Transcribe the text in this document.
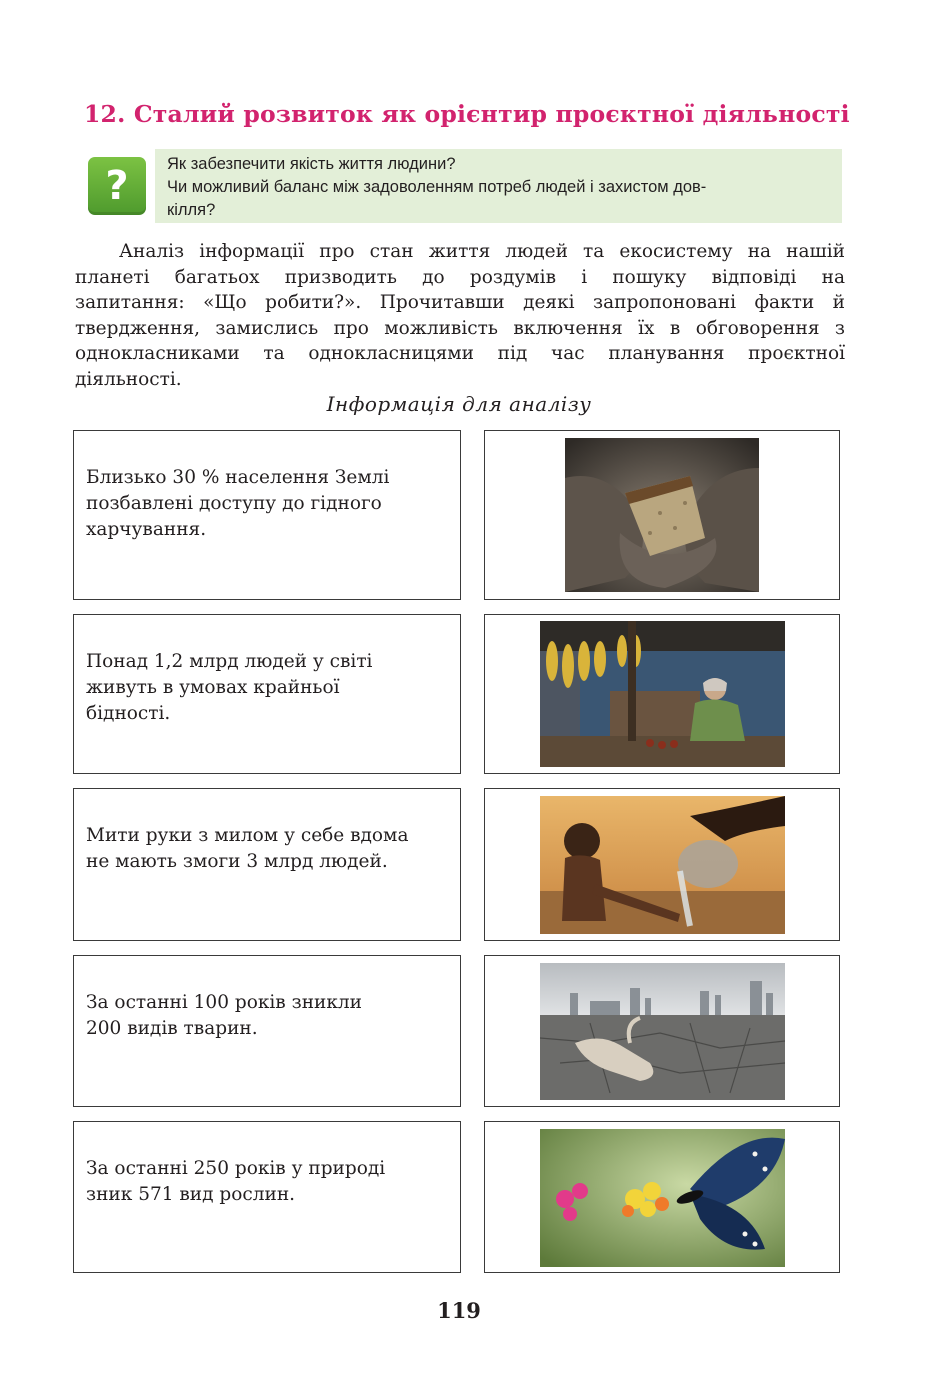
12. Сталий розвиток як орієнтир проєктної діяльності
?	Як забезпечити якість життя людини?
Чи можливий баланс між задоволенням потреб людей і захистом дов-
кілля?
Аналіз інформації про стан життя людей та екосистему на нашій
планеті багатьох призводить до роздумів і пошуку відповіді на
запитання: «Що робити?». Прочитавши деякі запропоновані факти й
твердження, замислись про можливість включення їх в обговорення з
однокласниками та однокласницями під час планування проєктної
діяльності.
Інформація для аналізу
Близько 30 % населення Землі
позбавлені доступу до гідного
харчування.
Понад 1,2 млрд людей у світі
живуть в умовах крайньої
бідності.
Мити руки з милом у себе вдома
не мають змоги 3 млрд людей.
За останні 100 років зникли
200 видів тварин.
За останні 250 років у природі
зник 571 вид рослин.
119
